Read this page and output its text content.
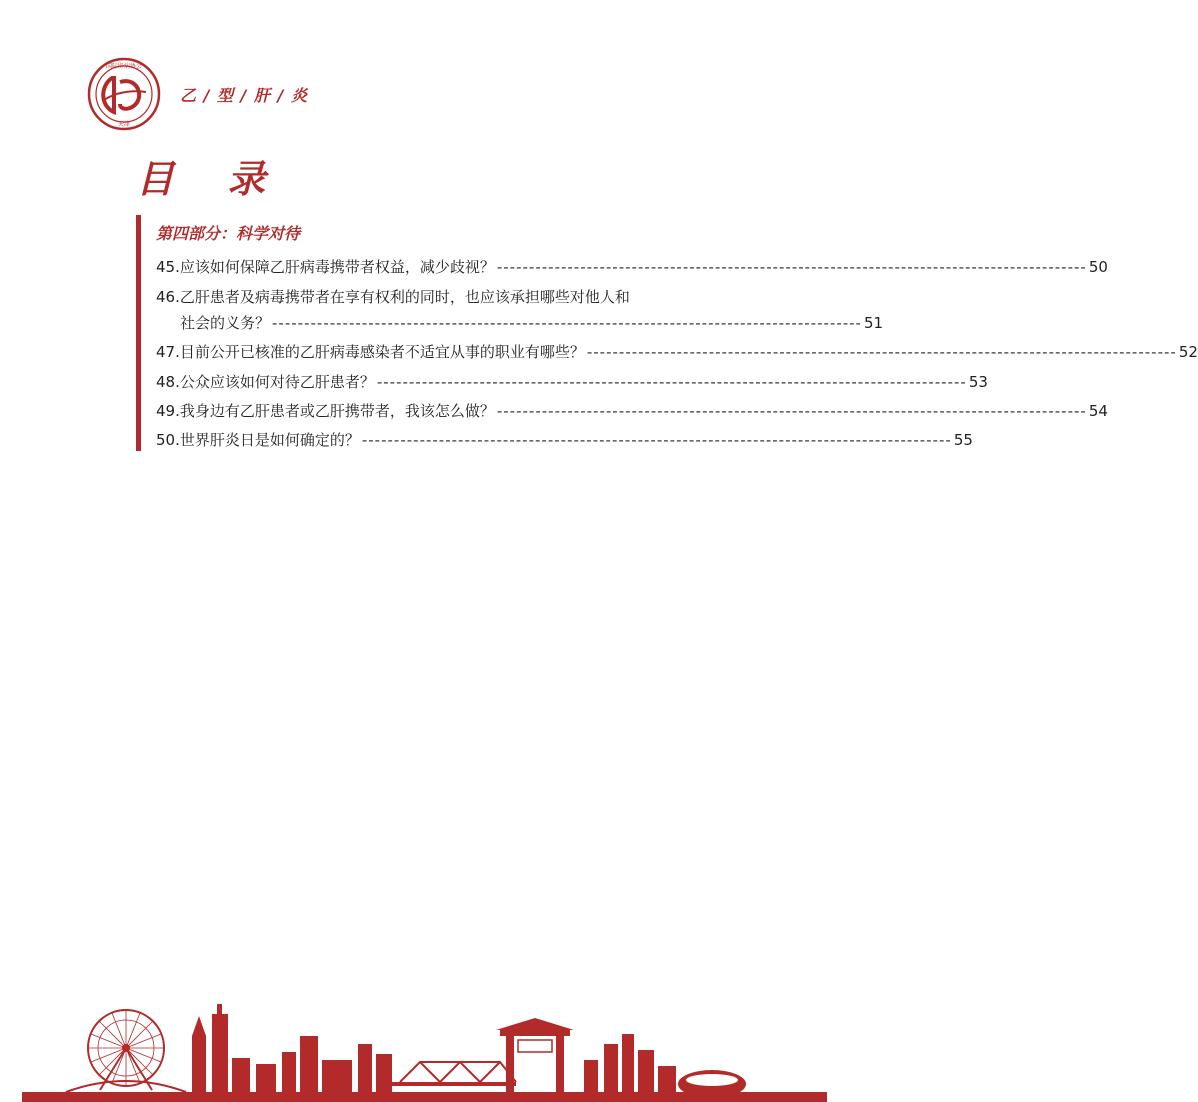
国际肝病协会
天津
乙 / 型 / 肝 / 炎
目 录
第四部分：科学对待
45.应该如何保障乙肝病毒携带者权益，减少歧视？ -------------------------------------------------------------------------------------------- 50
46.乙肝患者及病毒携带者在享有权利的同时，也应该承担哪些对他人和
社会的义务？ -------------------------------------------------------------------------------------------- 51
47.目前公开已核准的乙肝病毒感染者不适宜从事的职业有哪些？ -------------------------------------------------------------------------------------------- 52
48.公众应该如何对待乙肝患者？ -------------------------------------------------------------------------------------------- 53
49.我身边有乙肝患者或乙肝携带者，我该怎么做？ -------------------------------------------------------------------------------------------- 54
50.世界肝炎日是如何确定的？ -------------------------------------------------------------------------------------------- 55
